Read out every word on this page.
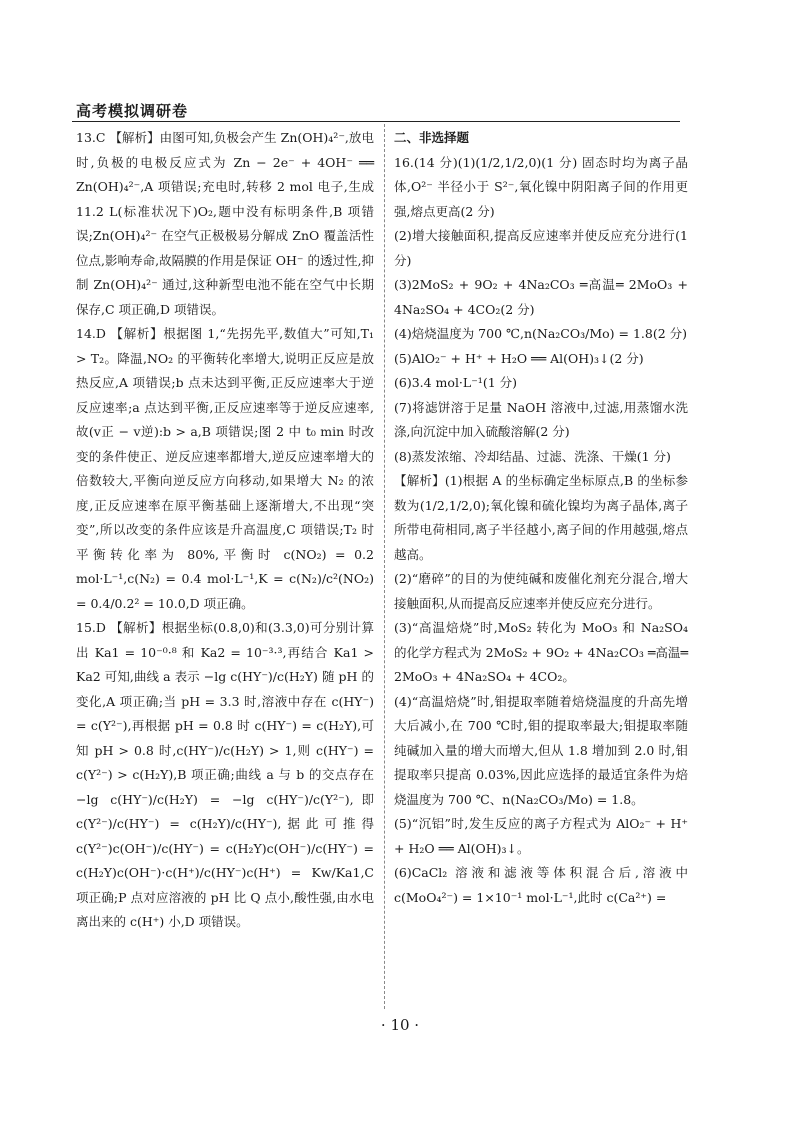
高考模拟调研卷

13.C 【解析】由图可知,负极会产生 Zn(OH)₄²⁻,放电时,负极的电极反应式为 Zn − 2e⁻ + 4OH⁻ ══ Zn(OH)₄²⁻,A 项错误;充电时,转移 2 mol 电子,生成 11.2 L(标准状况下)O₂,题中没有标明条件,B 项错误;Zn(OH)₄²⁻ 在空气正极极易分解成 ZnO 覆盖活性位点,影响寿命,故隔膜的作用是保证 OH⁻ 的透过性,抑制 Zn(OH)₄²⁻ 通过,这种新型电池不能在空气中长期保存,C 项正确,D 项错误。

14.D 【解析】根据图 1,“先拐先平,数值大”可知,T₁ > T₂。降温,NO₂ 的平衡转化率增大,说明正反应是放热反应,A 项错误;b 点未达到平衡,正反应速率大于逆反应速率;a 点达到平衡,正反应速率等于逆反应速率,故(v正 − v逆):b > a,B 项错误;图 2 中 t₀ min 时改变的条件使正、逆反应速率都增大,逆反应速率增大的倍数较大,平衡向逆反应方向移动,如果增大 N₂ 的浓度,正反应速率在原平衡基础上逐渐增大,不出现“突变”,所以改变的条件应该是升高温度,C 项错误;T₂ 时平衡转化率为 80%,平衡时 c(NO₂) = 0.2 mol·L⁻¹,c(N₂) = 0.4 mol·L⁻¹,K = c(N₂)/c²(NO₂) = 0.4/0.2² = 10.0,D 项正确。

15.D 【解析】根据坐标(0.8,0)和(3.3,0)可分别计算出 Ka1 = 10⁻⁰·⁸ 和 Ka2 = 10⁻³·³,再结合 Ka1 > Ka2 可知,曲线 a 表示 −lg c(HY⁻)/c(H₂Y) 随 pH 的变化,A 项正确;当 pH = 3.3 时,溶液中存在 c(HY⁻) = c(Y²⁻),再根据 pH = 0.8 时 c(HY⁻) = c(H₂Y),可知 pH > 0.8 时,c(HY⁻)/c(H₂Y) > 1,则 c(HY⁻) = c(Y²⁻) > c(H₂Y),B 项正确;曲线 a 与 b 的交点存在 −lg c(HY⁻)/c(H₂Y) = −lg c(HY⁻)/c(Y²⁻),即 c(Y²⁻)/c(HY⁻) = c(H₂Y)/c(HY⁻),据此可推得 c(Y²⁻)c(OH⁻)/c(HY⁻) = c(H₂Y)c(OH⁻)/c(HY⁻) = c(H₂Y)c(OH⁻)·c(H⁺)/c(HY⁻)c(H⁺) = Kw/Ka1,C 项正确;P 点对应溶液的 pH 比 Q 点小,酸性强,由水电离出来的 c(H⁺) 小,D 项错误。

二、非选择题

16.(14 分)(1)(1/2,1/2,0)(1 分) 固态时均为离子晶体,O²⁻ 半径小于 S²⁻,氧化镍中阴阳离子间的作用更强,熔点更高(2 分)

(2)增大接触面积,提高反应速率并使反应充分进行(1 分)

(3)2MoS₂ + 9O₂ + 4Na₂CO₃ ═高温═ 2MoO₃ + 4Na₂SO₄ + 4CO₂(2 分)

(4)焙烧温度为 700 ℃,n(Na₂CO₃/Mo) = 1.8(2 分)

(5)AlO₂⁻ + H⁺ + H₂O ══ Al(OH)₃↓(2 分)

(6)3.4 mol·L⁻¹(1 分)

(7)将滤饼溶于足量 NaOH 溶液中,过滤,用蒸馏水洗涤,向沉淀中加入硫酸溶解(2 分)

(8)蒸发浓缩、冷却结晶、过滤、洗涤、干燥(1 分)

【解析】(1)根据 A 的坐标确定坐标原点,B 的坐标参数为(1/2,1/2,0);氧化镍和硫化镍均为离子晶体,离子所带电荷相同,离子半径越小,离子间的作用越强,熔点越高。

(2)“磨碎”的目的为使纯碱和废催化剂充分混合,增大接触面积,从而提高反应速率并使反应充分进行。

(3)“高温焙烧”时,MoS₂ 转化为 MoO₃ 和 Na₂SO₄ 的化学方程式为 2MoS₂ + 9O₂ + 4Na₂CO₃ ═高温═ 2MoO₃ + 4Na₂SO₄ + 4CO₂。

(4)“高温焙烧”时,钼提取率随着焙烧温度的升高先增大后减小,在 700 ℃时,钼的提取率最大;钼提取率随纯碱加入量的增大而增大,但从 1.8 增加到 2.0 时,钼提取率只提高 0.03%,因此应选择的最适宜条件为焙烧温度为 700 ℃、n(Na₂CO₃/Mo) = 1.8。

(5)“沉铝”时,发生反应的离子方程式为 AlO₂⁻ + H⁺ + H₂O ══ Al(OH)₃↓。

(6)CaCl₂ 溶液和滤液等体积混合后,溶液中 c(MoO₄²⁻) = 1×10⁻¹ mol·L⁻¹,此时 c(Ca²⁺) =

· 10 ·
